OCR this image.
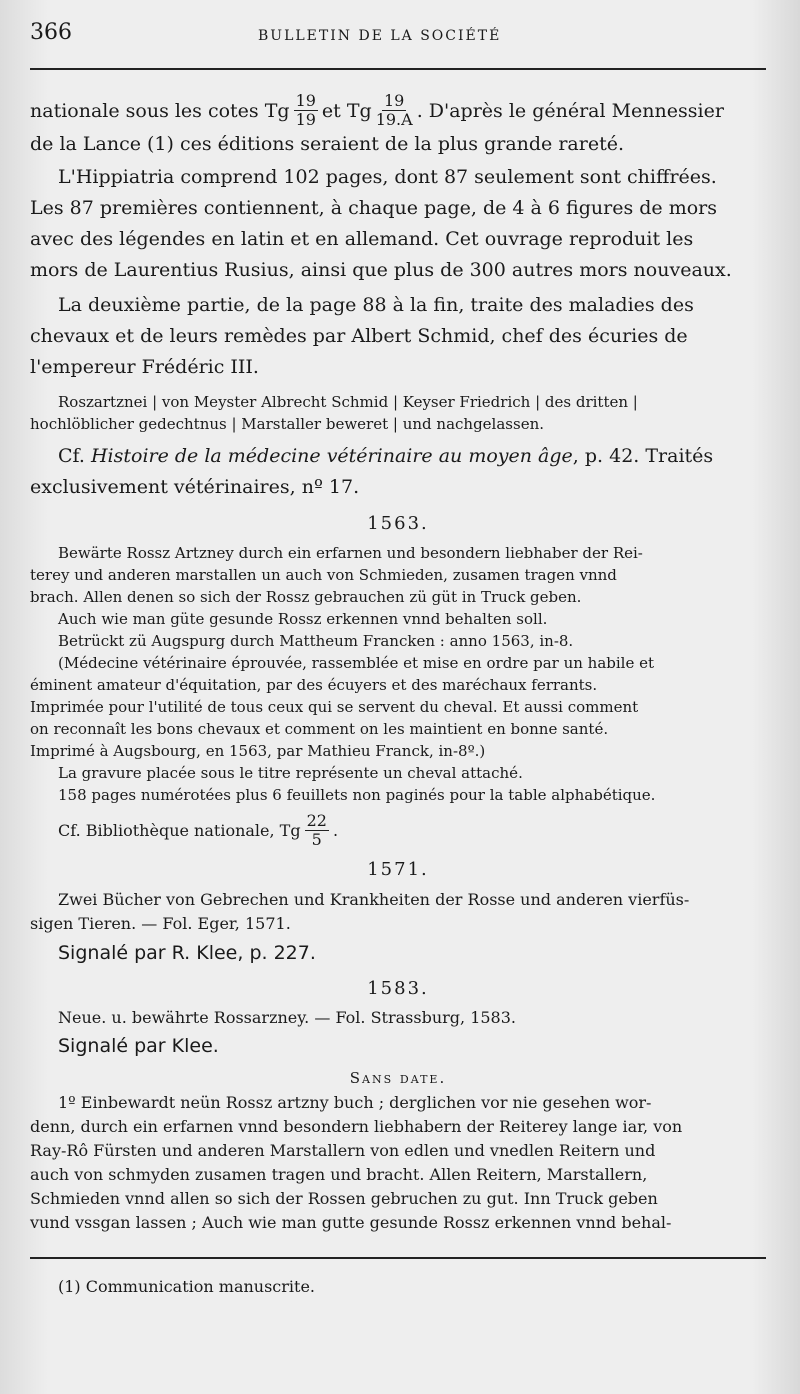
366	BULLETIN DE LA SOCIÉTÉ
nationale sous les cotes Tg $\frac{19}{19}$ et Tg $\frac{19}{19.A}$ . D'après le général Mennessier

de la Lance (1) ces éditions seraient de la plus grande rareté.

L'Hippiatria comprend 102 pages, dont 87 seulement sont chiffrées.
Les 87 premières contiennent, à chaque page, de 4 à 6 figures de mors
avec des légendes en latin et en allemand. Cet ouvrage reproduit les
mors de Laurentius Rusius, ainsi que plus de 300 autres mors nouveaux.
La deuxième partie, de la page 88 à la fin, traite des maladies des
chevaux et de leurs remèdes par Albert Schmid, chef des écuries de
l'empereur Frédéric III.
Roszartznei | von Meyster Albrecht Schmid | Keyser Friedrich | des dritten |
hochlöblicher gedechtnus | Marstaller beweret | und nachgelassen.
Cf. Histoire de la médecine vétérinaire au moyen âge, p. 42. Traités
exclusivement vétérinaires, nº 17.
1563.
Bewärte Rossz Artzney durch ein erfarnen und besondern liebhaber der Rei-
terey und anderen marstallen un auch von Schmieden, zusamen tragen vnnd
brach. Allen denen so sich der Rossz gebrauchen zü güt in Truck geben.
Auch wie man güte gesunde Rossz erkennen vnnd behalten soll.
Betrückt zü Augspurg durch Mattheum Francken : anno 1563, in-8.
(Médecine vétérinaire éprouvée, rassemblée et mise en ordre par un habile et
éminent amateur d'équitation, par des écuyers et des maréchaux ferrants.
Imprimée pour l'utilité de tous ceux qui se servent du cheval. Et aussi comment
on reconnaît les bons chevaux et comment on les maintient en bonne santé.
Imprimé à Augsbourg, en 1563, par Mathieu Franck, in-8º.)
La gravure placée sous le titre représente un cheval attaché.
158 pages numérotées plus 6 feuillets non paginés pour la table alphabétique.
Cf. Bibliothèque nationale, Tg $\frac{22}{5}$ .
1571.
Zwei Bücher von Gebrechen und Krankheiten der Rosse und anderen vierfüs-
sigen Tieren. — Fol. Eger, 1571.

Signalé par R. Klee, p. 227.

1583.
Neue. u. bewährte Rossarzney. — Fol. Strassburg, 1583.

Signalé par Klee.

Sans date.
1º Einbewardt neün Rossz artzny buch ; derglichen vor nie gesehen wor-
denn, durch ein erfarnen vnnd besondern liebhabern der Reiterey lange iar, von
Ray-Rô Fürsten und anderen Marstallern von edlen und vnedlen Reitern und
auch von schmyden zusamen tragen und bracht. Allen Reitern, Marstallern,
Schmieden vnnd allen so sich der Rossen gebruchen zu gut. Inn Truck geben
vund vssgan lassen ; Auch wie man gutte gesunde Rossz erkennen vnnd behal-
(1) Communication manuscrite.
